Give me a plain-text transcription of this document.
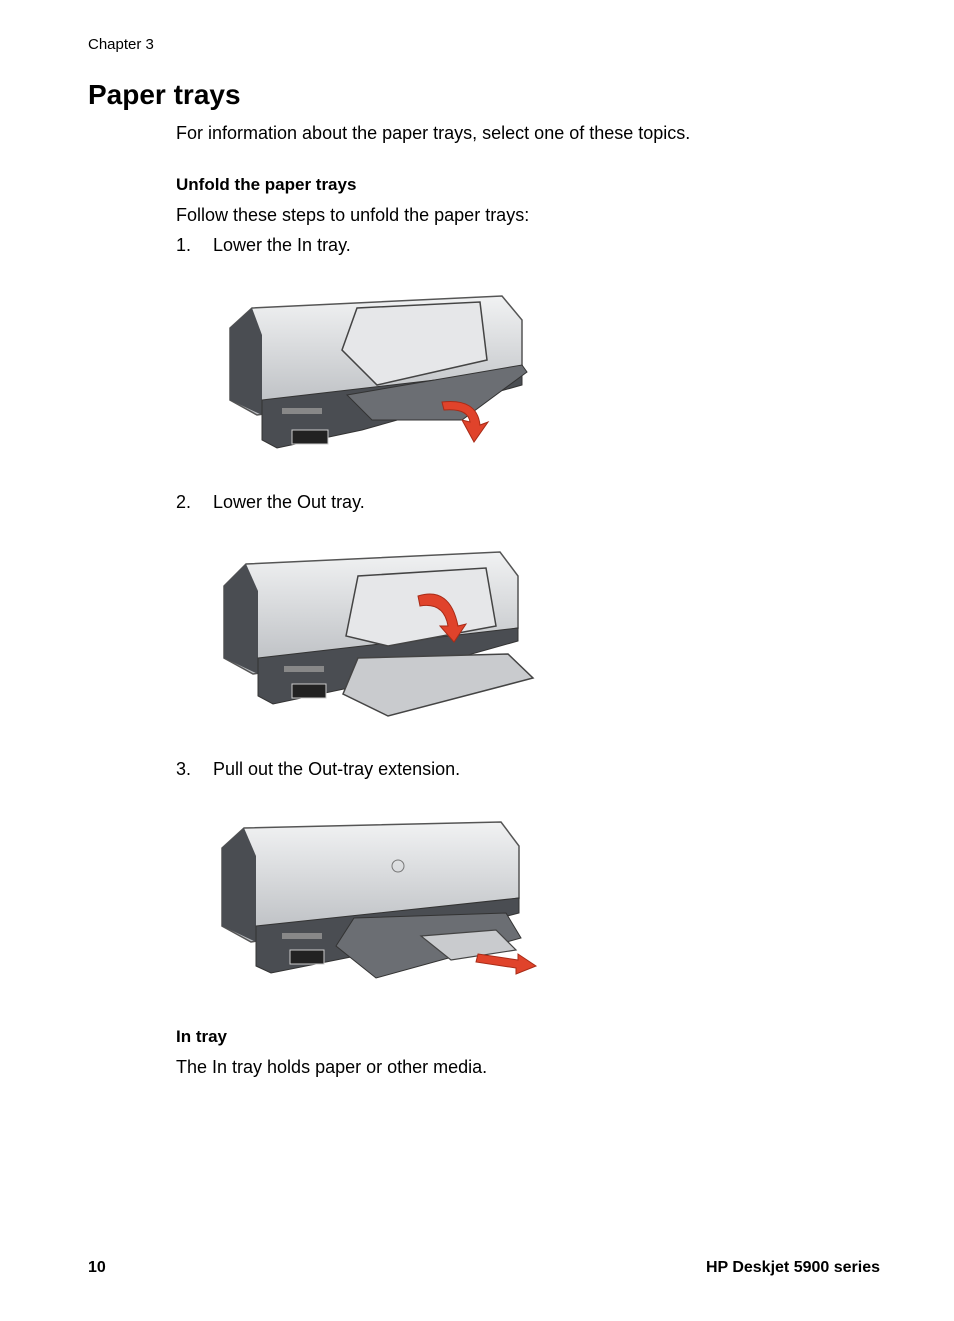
Chapter 3
Paper trays
For information about the paper trays, select one of these topics.
Unfold the paper trays
Follow these steps to unfold the paper trays:
1. Lower the In tray.
2. Lower the Out tray.
3. Pull out the Out-tray extension.
In tray
The In tray holds paper or other media.
10	HP Deskjet 5900 series
